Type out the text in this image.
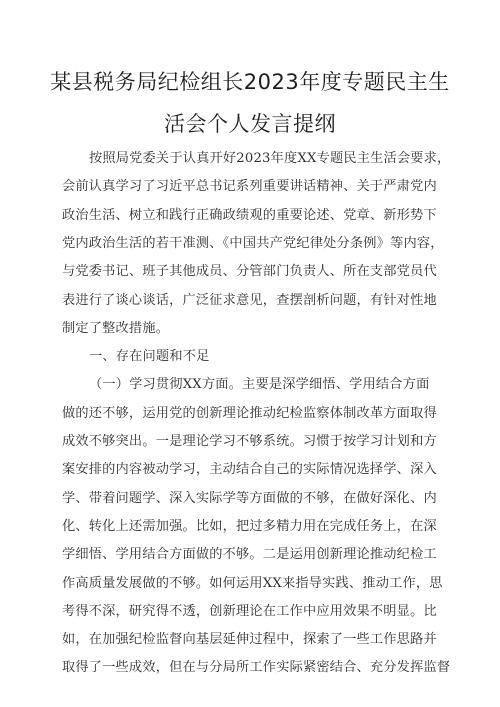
某县税务局纪检组长2023年度专题民主生
活会个人发言提纲
按照局党委关于认真开好2023年度XX专题民主生活会要求，
会前认真学习了习近平总书记系列重要讲话精神、关于严肃党内
政治生活、树立和践行正确政绩观的重要论述、党章、新形势下
党内政治生活的若干准测、《中国共产党纪律处分条例》等内容，
与党委书记、班子其他成员、分管部门负责人、所在支部党员代
表进行了谈心谈话，广泛征求意见，查摆剖析问题，有针对性地
制定了整改措施。
一、存在问题和不足
（一）学习贯彻XX方面。主要是深学细悟、学用结合方面
做的还不够，运用党的创新理论推动纪检监察体制改革方面取得
成效不够突出。一是理论学习不够系统。习惯于按学习计划和方
案安排的内容被动学习，主动结合自己的实际情况选择学、深入
学、带着问题学、深入实际学等方面做的不够，在做好深化、内
化、转化上还需加强。比如，把过多精力用在完成任务上，在深
学细悟、学用结合方面做的不够。二是运用创新理论推动纪检工
作高质量发展做的不够。如何运用XX来指导实践、推动工作，思
考得不深，研究得不透，创新理论在工作中应用效果不明显。比
如，在加强纪检监督向基层延伸过程中，探索了一些工作思路并
取得了一些成效，但在与分局所工作实际紧密结合、充分发挥监督
